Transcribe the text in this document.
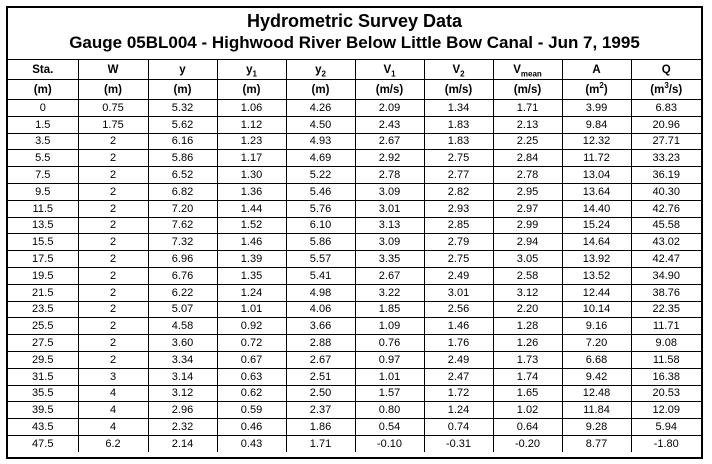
Hydrometric Survey Data
Gauge 05BL004 - Highwood River Below Little Bow Canal - Jun 7, 1995
Sta.	W	y	$y_1$	$y_2$	$V_1$	$V_2$	$V_{mean}$	A	Q
(m)	(m)	(m)	(m)	(m)	(m/s)	(m/s)	(m/s)	$(m^2)$	$(m^3/s)$
0	0.75	5.32	1.06	4.26	2.09	1.34	1.71	3.99	6.83
1.5	1.75	5.62	1.12	4.50	2.43	1.83	2.13	9.84	20.96
3.5	2	6.16	1.23	4.93	2.67	1.83	2.25	12.32	27.71
5.5	2	5.86	1.17	4.69	2.92	2.75	2.84	11.72	33.23
7.5	2	6.52	1.30	5.22	2.78	2.77	2.78	13.04	36.19
9.5	2	6.82	1.36	5.46	3.09	2.82	2.95	13.64	40.30
11.5	2	7.20	1.44	5.76	3.01	2.93	2.97	14.40	42.76
13.5	2	7.62	1.52	6.10	3.13	2.85	2.99	15.24	45.58
15.5	2	7.32	1.46	5.86	3.09	2.79	2.94	14.64	43.02
17.5	2	6.96	1.39	5.57	3.35	2.75	3.05	13.92	42.47
19.5	2	6.76	1.35	5.41	2.67	2.49	2.58	13.52	34.90
21.5	2	6.22	1.24	4.98	3.22	3.01	3.12	12.44	38.76
23.5	2	5.07	1.01	4.06	1.85	2.56	2.20	10.14	22.35
25.5	2	4.58	0.92	3.66	1.09	1.46	1.28	9.16	11.71
27.5	2	3.60	0.72	2.88	0.76	1.76	1.26	7.20	9.08
29.5	2	3.34	0.67	2.67	0.97	2.49	1.73	6.68	11.58
31.5	3	3.14	0.63	2.51	1.01	2.47	1.74	9.42	16.38
35.5	4	3.12	0.62	2.50	1.57	1.72	1.65	12.48	20.53
39.5	4	2.96	0.59	2.37	0.80	1.24	1.02	11.84	12.09
43.5	4	2.32	0.46	1.86	0.54	0.74	0.64	9.28	5.94
47.5	6.2	2.14	0.43	1.71	-0.10	-0.31	-0.20	8.77	-1.80
